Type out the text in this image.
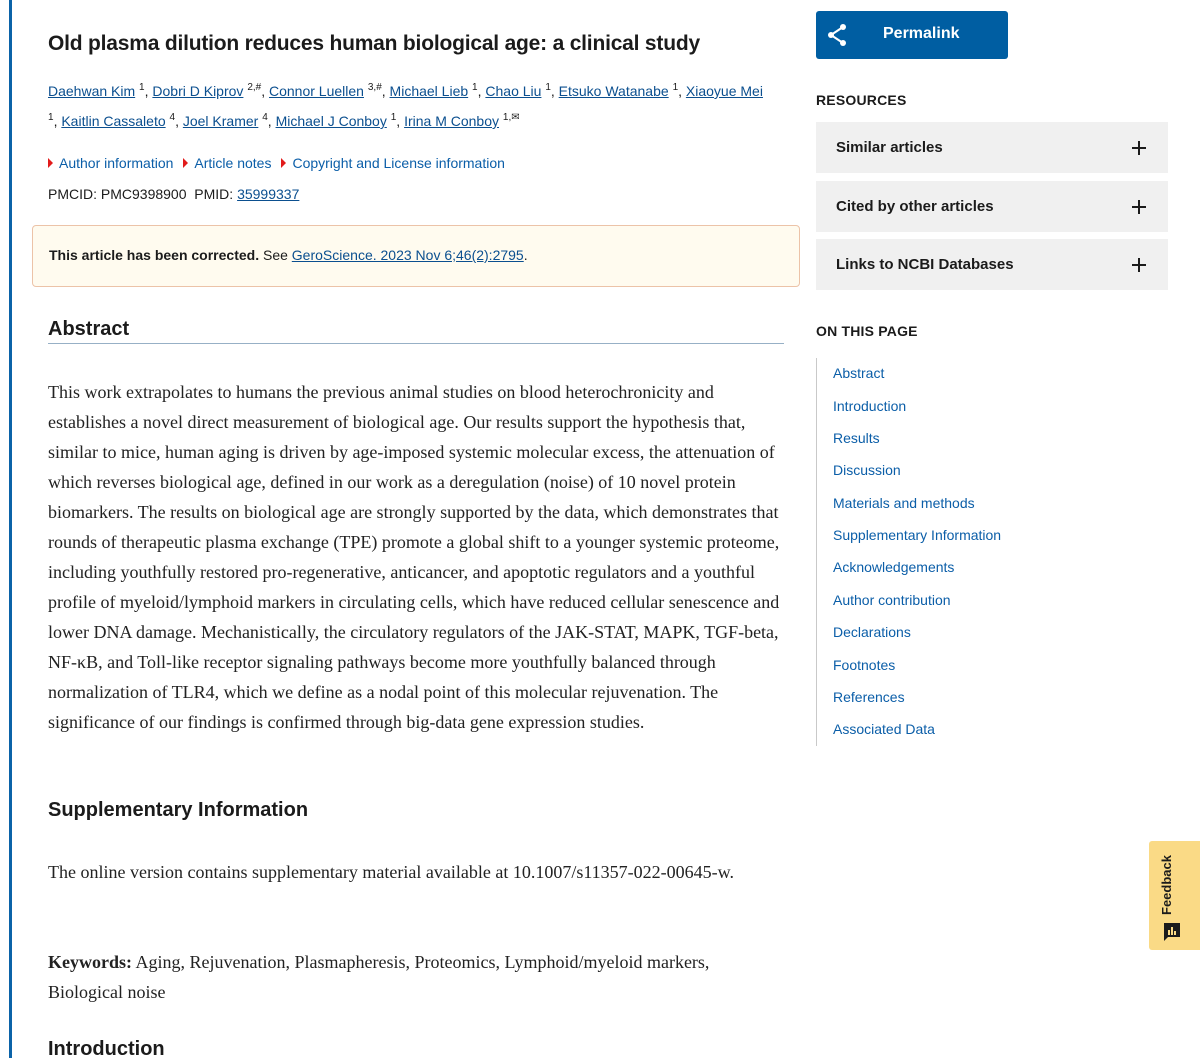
Old plasma dilution reduces human biological age: a clinical study
Daehwan Kim $^1$, Dobri D Kiprov $^{2,\#}$, Connor Luellen $^{3,\#}$, Michael Lieb $^1$, Chao Liu $^1$, Etsuko Watanabe $^1$, Xiaoyue Mei
$^1$, Kaitlin Cassaleto $^4$, Joel Kramer $^4$, Michael J Conboy $^1$, Irina M Conboy $^{1,✉}$
Author information Article notes Copyright and License information
PMCID: PMC9398900 PMID: 35999337
This article has been corrected. See GeroScience. 2023 Nov 6;46(2):2795.
Abstract

This work extrapolates to humans the previous animal studies on blood heterochronicity and establishes a novel direct measurement of biological age. Our results support the hypothesis that, similar to mice, human aging is driven by age-imposed systemic molecular excess, the attenuation of which reverses biological age, defined in our work as a deregulation (noise) of 10 novel protein biomarkers. The results on biological age are strongly supported by the data, which demonstrates that rounds of therapeutic plasma exchange (TPE) promote a global shift to a younger systemic proteome, including youthfully restored pro-regenerative, anticancer, and apoptotic regulators and a youthful profile of myeloid/lymphoid markers in circulating cells, which have reduced cellular senescence and lower DNA damage. Mechanistically, the circulatory regulators of the JAK-STAT, MAPK, TGF-beta, NF-κB, and Toll-like receptor signaling pathways become more youthfully balanced through normalization of TLR4, which we define as a nodal point of this molecular rejuvenation. The significance of our findings is confirmed through big-data gene expression studies.

Supplementary Information

The online version contains supplementary material available at 10.1007/s11357-022-00645-w.

Keywords: Aging, Rejuvenation, Plasmapheresis, Proteomics, Lymphoid/myeloid markers, Biological noise

Introduction
Permalink
RESOURCES
Similar articles
Cited by other articles
Links to NCBI Databases
ON THIS PAGE
Abstract
Introduction
Results
Discussion
Materials and methods
Supplementary Information
Acknowledgements
Author contribution
Declarations
Footnotes
References
Associated Data
Feedback
